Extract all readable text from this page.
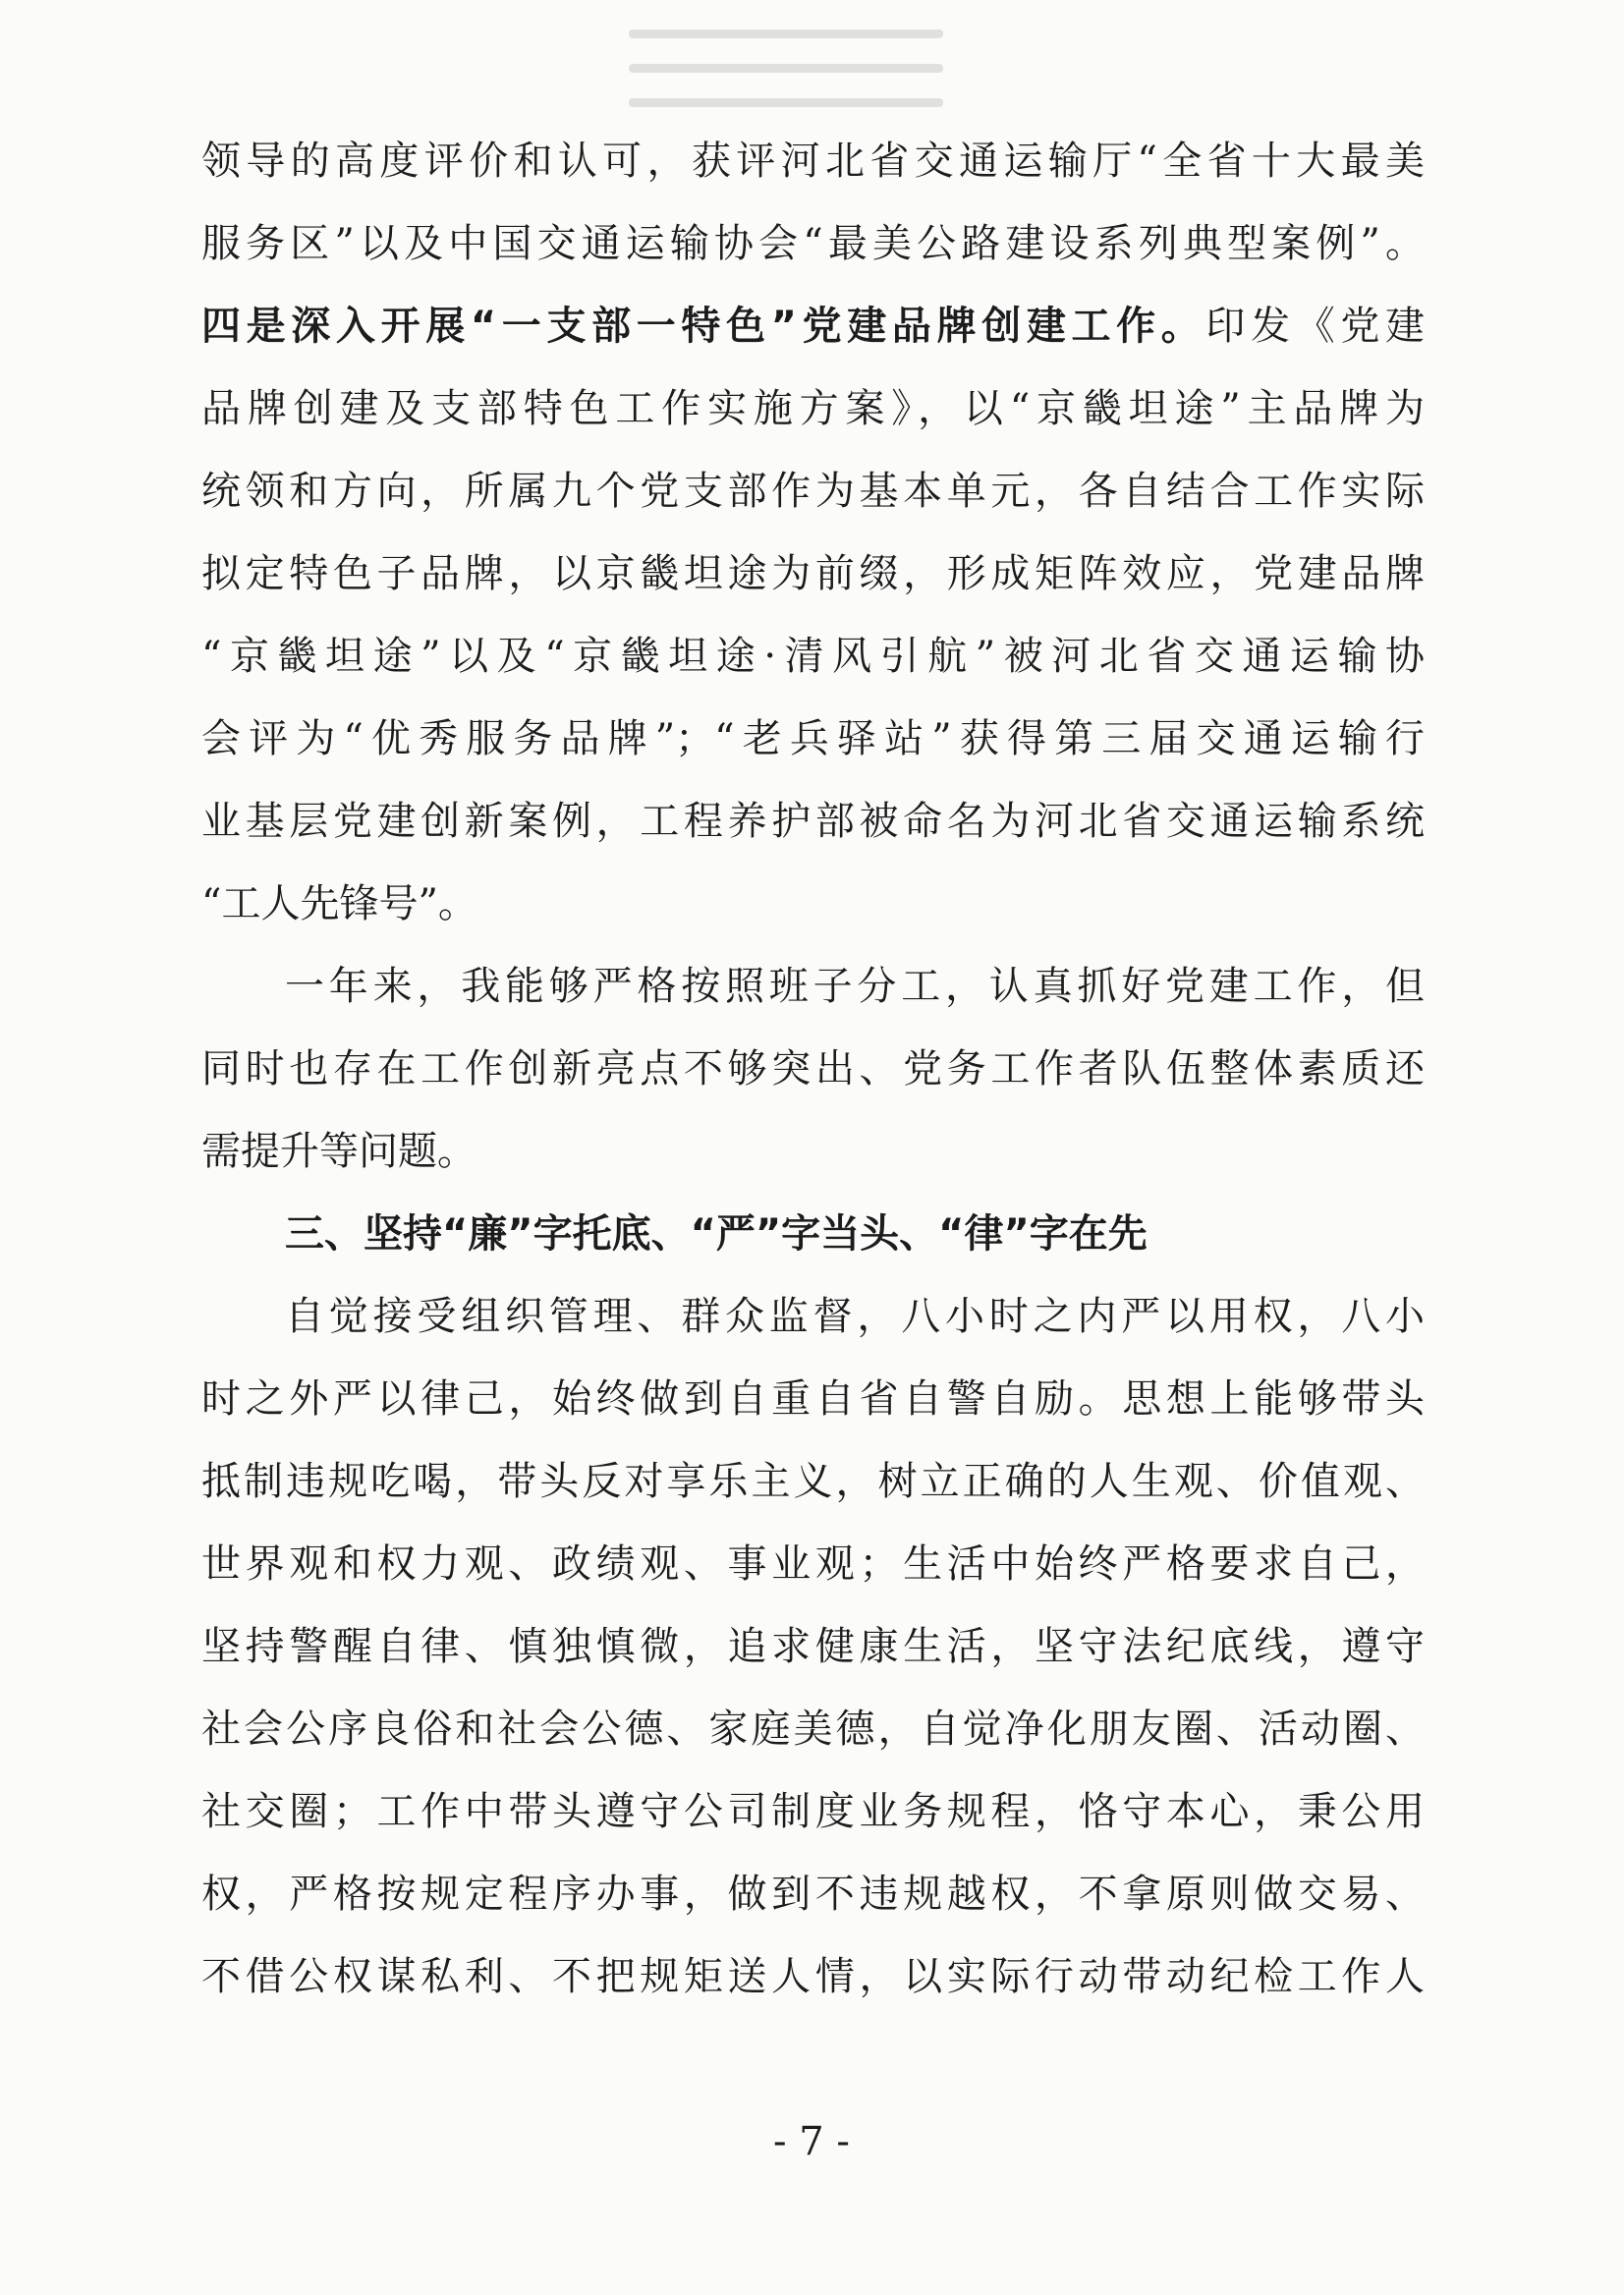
领导的高度评价和认可，获评河北省交通运输厅“全省十大最美
服务区”以及中国交通运输协会“最美公路建设系列典型案例”。
四是深入开展“一支部一特色”党建品牌创建工作。印发《党建
品牌创建及支部特色工作实施方案》，以“京畿坦途”主品牌为
统领和方向，所属九个党支部作为基本单元，各自结合工作实际
拟定特色子品牌，以京畿坦途为前缀，形成矩阵效应，党建品牌
“京畿坦途”以及“京畿坦途·清风引航”被河北省交通运输协
会评为“优秀服务品牌”；“老兵驿站”获得第三届交通运输行
业基层党建创新案例，工程养护部被命名为河北省交通运输系统
“工人先锋号”。
一年来，我能够严格按照班子分工，认真抓好党建工作，但
同时也存在工作创新亮点不够突出、党务工作者队伍整体素质还
需提升等问题。
三、坚持“廉”字托底、“严”字当头、“律”字在先
自觉接受组织管理、群众监督，八小时之内严以用权，八小
时之外严以律己，始终做到自重自省自警自励。思想上能够带头
抵制违规吃喝，带头反对享乐主义，树立正确的人生观、价值观、
世界观和权力观、政绩观、事业观；生活中始终严格要求自己，
坚持警醒自律、慎独慎微，追求健康生活，坚守法纪底线，遵守
社会公序良俗和社会公德、家庭美德，自觉净化朋友圈、活动圈、
社交圈；工作中带头遵守公司制度业务规程，恪守本心，秉公用
权，严格按规定程序办事，做到不违规越权，不拿原则做交易、
不借公权谋私利、不把规矩送人情，以实际行动带动纪检工作人
- 7 -
